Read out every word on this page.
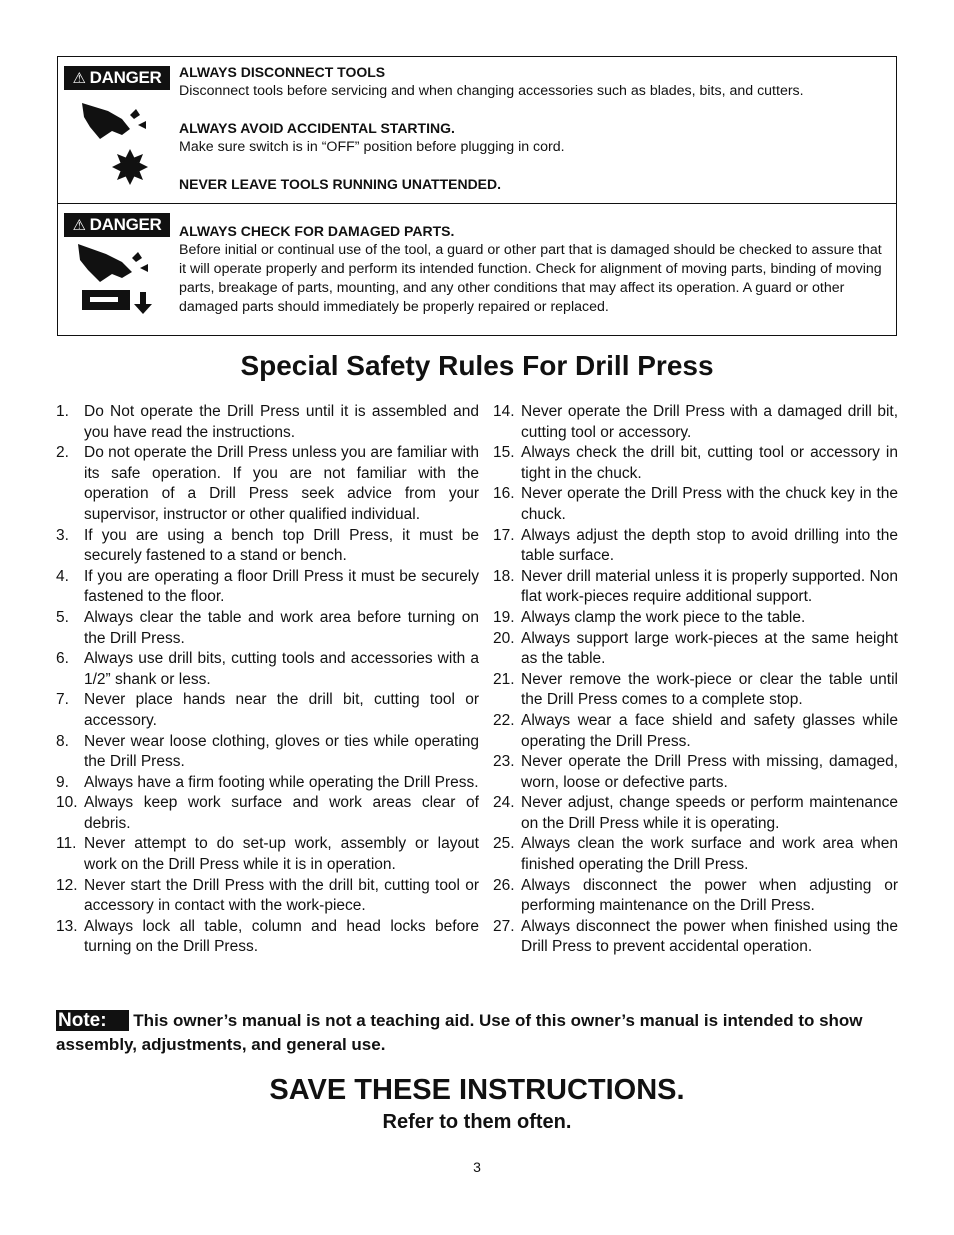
⚠ DANGER ALWAYS DISCONNECT TOOLS

Disconnect tools before servicing and when changing accessories such as blades, bits, and cutters.

ALWAYS AVOID ACCIDENTAL STARTING.

Make sure switch is in “OFF” position before plugging in cord.

NEVER LEAVE TOOLS RUNNING UNATTENDED.

⚠ DANGER ALWAYS CHECK FOR DAMAGED PARTS.

Before initial or continual use of the tool, a guard or other part that is damaged should be checked to assure that it will operate properly and perform its intended function. Check for alignment of moving parts, binding of moving parts, breakage of parts, mounting, and any other conditions that may affect its operation. A guard or other damaged parts should immediately be properly repaired or replaced.

Special Safety Rules For Drill Press
1. Do Not operate the Drill Press until it is assembled and you have read the instructions.
2. Do not operate the Drill Press unless you are familiar with its safe operation. If you are not familiar with the operation of a Drill Press seek advice from your supervisor, instructor or other qualified individual.
3. If you are using a bench top Drill Press, it must be securely fastened to a stand or bench.
4. If you are operating a floor Drill Press it must be securely fastened to the floor.
5. Always clear the table and work area before turning on the Drill Press.
6. Always use drill bits, cutting tools and accessories with a 1/2” shank or less.
7. Never place hands near the drill bit, cutting tool or accessory.
8. Never wear loose clothing, gloves or ties while operating the Drill Press.
9. Always have a firm footing while operating the Drill Press.
10. Always keep work surface and work areas clear of debris.
11. Never attempt to do set-up work, assembly or layout work on the Drill Press while it is in operation.
12. Never start the Drill Press with the drill bit, cutting tool or accessory in contact with the work-piece.
13. Always lock all table, column and head locks before turning on the Drill Press.
14. Never operate the Drill Press with a damaged drill bit, cutting tool or accessory.
15. Always check the drill bit, cutting tool or accessory in tight in the chuck.
16. Never operate the Drill Press with the chuck key in the chuck.
17. Always adjust the depth stop to avoid drilling into the table surface.
18. Never drill material unless it is properly supported. Non flat work-pieces require additional support.
19. Always clamp the work piece to the table.
20. Always support large work-pieces at the same height as the table.
21. Never remove the work-piece or clear the table until the Drill Press comes to a complete stop.
22. Always wear a face shield and safety glasses while operating the Drill Press.
23. Never operate the Drill Press with missing, damaged, worn, loose or defective parts.
24. Never adjust, change speeds or perform maintenance on the Drill Press while it is operating.
25. Always clean the work surface and work area when finished operating the Drill Press.
26. Always disconnect the power when adjusting or performing maintenance on the Drill Press.
27. Always disconnect the power when finished using the Drill Press to prevent accidental operation.
Note: This owner’s manual is not a teaching aid. Use of this owner’s manual is intended to show assembly, adjustments, and general use.
SAVE THESE INSTRUCTIONS.
Refer to them often.
3
